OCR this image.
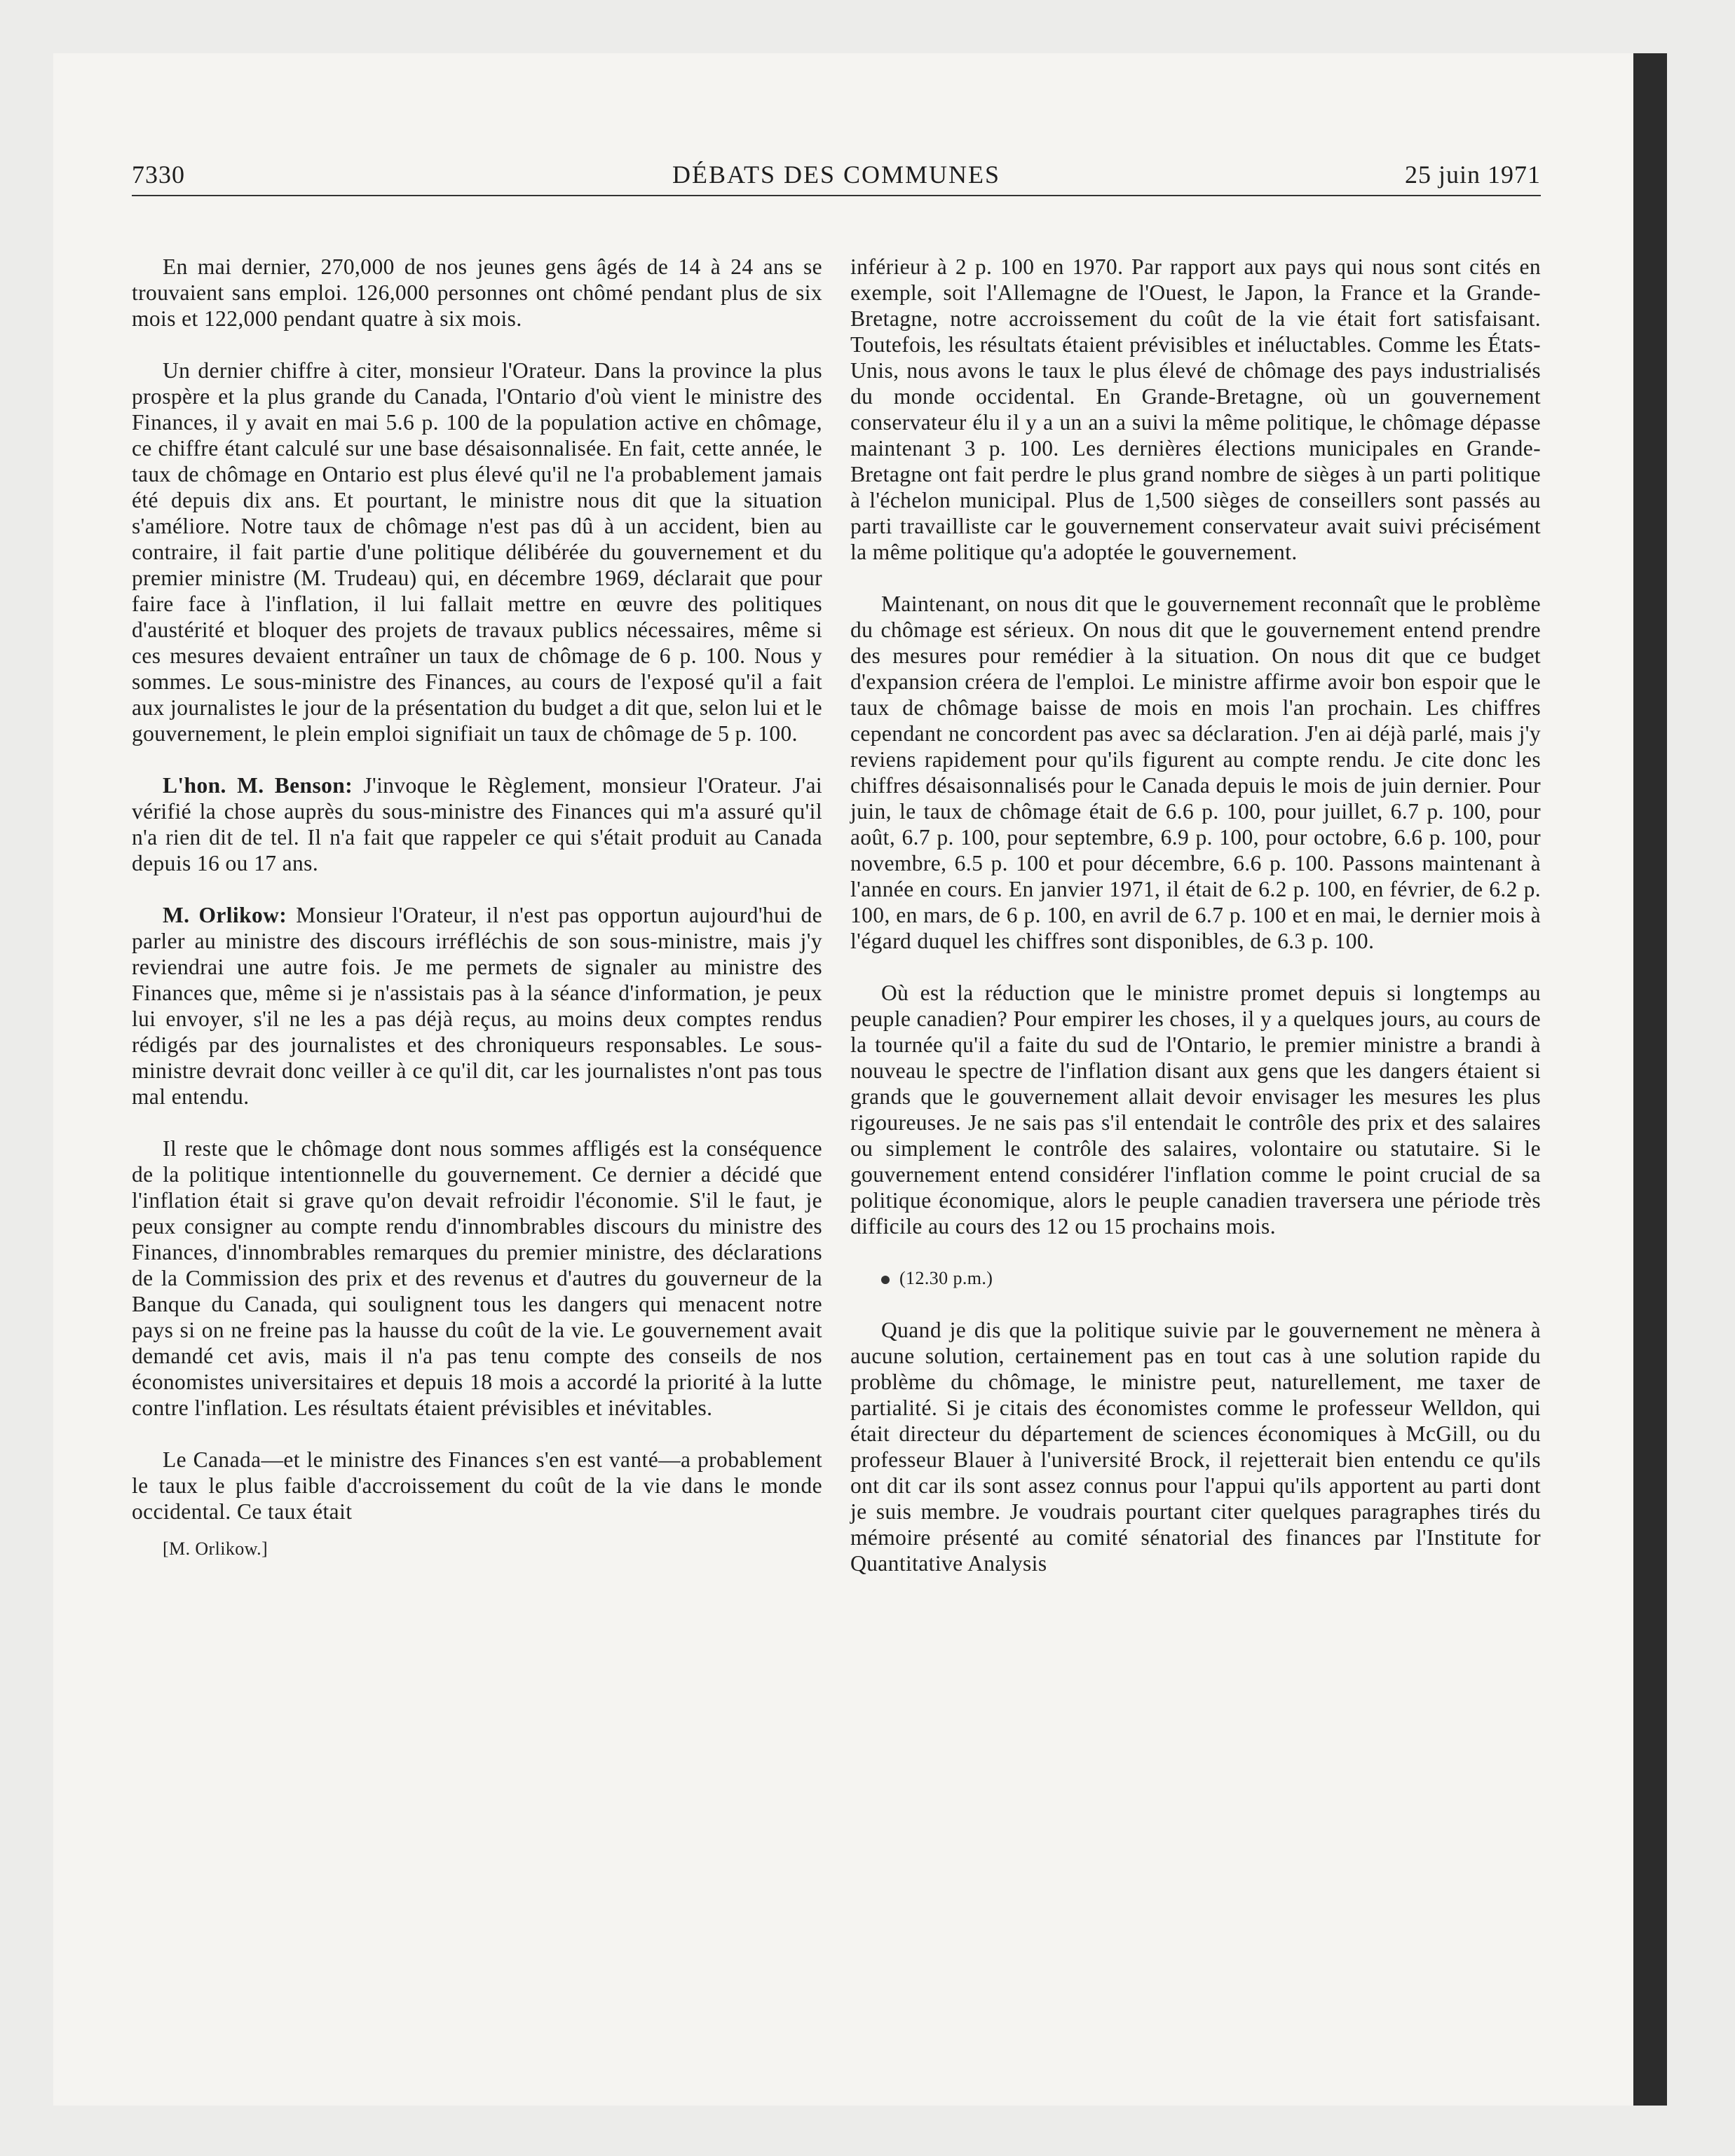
7330	DÉBATS DES COMMUNES	25 juin 1971

En mai dernier, 270,000 de nos jeunes gens âgés de 14 à 24 ans se trouvaient sans emploi. 126,000 personnes ont chômé pendant plus de six mois et 122,000 pendant quatre à six mois.

Un dernier chiffre à citer, monsieur l'Orateur. Dans la province la plus prospère et la plus grande du Canada, l'Ontario d'où vient le ministre des Finances, il y avait en mai 5.6 p. 100 de la population active en chômage, ce chiffre étant calculé sur une base désaisonnalisée. En fait, cette année, le taux de chômage en Ontario est plus élevé qu'il ne l'a probablement jamais été depuis dix ans. Et pourtant, le ministre nous dit que la situation s'améliore. Notre taux de chômage n'est pas dû à un accident, bien au contraire, il fait partie d'une politique délibérée du gouvernement et du premier ministre (M. Trudeau) qui, en décembre 1969, déclarait que pour faire face à l'inflation, il lui fallait mettre en œuvre des politiques d'austérité et bloquer des projets de travaux publics nécessaires, même si ces mesures devaient entraîner un taux de chômage de 6 p. 100. Nous y sommes. Le sous-ministre des Finances, au cours de l'exposé qu'il a fait aux journalistes le jour de la présentation du budget a dit que, selon lui et le gouvernement, le plein emploi signifiait un taux de chômage de 5 p. 100.

L'hon. M. Benson: J'invoque le Règlement, monsieur l'Orateur. J'ai vérifié la chose auprès du sous-ministre des Finances qui m'a assuré qu'il n'a rien dit de tel. Il n'a fait que rappeler ce qui s'était produit au Canada depuis 16 ou 17 ans.

M. Orlikow: Monsieur l'Orateur, il n'est pas opportun aujourd'hui de parler au ministre des discours irréfléchis de son sous-ministre, mais j'y reviendrai une autre fois. Je me permets de signaler au ministre des Finances que, même si je n'assistais pas à la séance d'information, je peux lui envoyer, s'il ne les a pas déjà reçus, au moins deux comptes rendus rédigés par des journalistes et des chroniqueurs responsables. Le sous-ministre devrait donc veiller à ce qu'il dit, car les journalistes n'ont pas tous mal entendu.

Il reste que le chômage dont nous sommes affligés est la conséquence de la politique intentionnelle du gouvernement. Ce dernier a décidé que l'inflation était si grave qu'on devait refroidir l'économie. S'il le faut, je peux consigner au compte rendu d'innombrables discours du ministre des Finances, d'innombrables remarques du premier ministre, des déclarations de la Commission des prix et des revenus et d'autres du gouverneur de la Banque du Canada, qui soulignent tous les dangers qui menacent notre pays si on ne freine pas la hausse du coût de la vie. Le gouvernement avait demandé cet avis, mais il n'a pas tenu compte des conseils de nos économistes universitaires et depuis 18 mois a accordé la priorité à la lutte contre l'inflation. Les résultats étaient prévisibles et inévitables.

Le Canada—et le ministre des Finances s'en est vanté—a probablement le taux le plus faible d'accroissement du coût de la vie dans le monde occidental. Ce taux était

[M. Orlikow.]

inférieur à 2 p. 100 en 1970. Par rapport aux pays qui nous sont cités en exemple, soit l'Allemagne de l'Ouest, le Japon, la France et la Grande-Bretagne, notre accroissement du coût de la vie était fort satisfaisant. Toutefois, les résultats étaient prévisibles et inéluctables. Comme les États-Unis, nous avons le taux le plus élevé de chômage des pays industrialisés du monde occidental. En Grande-Bretagne, où un gouvernement conservateur élu il y a un an a suivi la même politique, le chômage dépasse maintenant 3 p. 100. Les dernières élections municipales en Grande-Bretagne ont fait perdre le plus grand nombre de sièges à un parti politique à l'échelon municipal. Plus de 1,500 sièges de conseillers sont passés au parti travailliste car le gouvernement conservateur avait suivi précisément la même politique qu'a adoptée le gouvernement.

Maintenant, on nous dit que le gouvernement reconnaît que le problème du chômage est sérieux. On nous dit que le gouvernement entend prendre des mesures pour remédier à la situation. On nous dit que ce budget d'expansion créera de l'emploi. Le ministre affirme avoir bon espoir que le taux de chômage baisse de mois en mois l'an prochain. Les chiffres cependant ne concordent pas avec sa déclaration. J'en ai déjà parlé, mais j'y reviens rapidement pour qu'ils figurent au compte rendu. Je cite donc les chiffres désaisonnalisés pour le Canada depuis le mois de juin dernier. Pour juin, le taux de chômage était de 6.6 p. 100, pour juillet, 6.7 p. 100, pour août, 6.7 p. 100, pour septembre, 6.9 p. 100, pour octobre, 6.6 p. 100, pour novembre, 6.5 p. 100 et pour décembre, 6.6 p. 100. Passons maintenant à l'année en cours. En janvier 1971, il était de 6.2 p. 100, en février, de 6.2 p. 100, en mars, de 6 p. 100, en avril de 6.7 p. 100 et en mai, le dernier mois à l'égard duquel les chiffres sont disponibles, de 6.3 p. 100.

Où est la réduction que le ministre promet depuis si longtemps au peuple canadien? Pour empirer les choses, il y a quelques jours, au cours de la tournée qu'il a faite du sud de l'Ontario, le premier ministre a brandi à nouveau le spectre de l'inflation disant aux gens que les dangers étaient si grands que le gouvernement allait devoir envisager les mesures les plus rigoureuses. Je ne sais pas s'il entendait le contrôle des prix et des salaires ou simplement le contrôle des salaires, volontaire ou statutaire. Si le gouvernement entend considérer l'inflation comme le point crucial de sa politique économique, alors le peuple canadien traversera une période très difficile au cours des 12 ou 15 prochains mois.

(12.30 p.m.)

Quand je dis que la politique suivie par le gouvernement ne mènera à aucune solution, certainement pas en tout cas à une solution rapide du problème du chômage, le ministre peut, naturellement, me taxer de partialité. Si je citais des économistes comme le professeur Welldon, qui était directeur du département de sciences économiques à McGill, ou du professeur Blauer à l'université Brock, il rejetterait bien entendu ce qu'ils ont dit car ils sont assez connus pour l'appui qu'ils apportent au parti dont je suis membre. Je voudrais pourtant citer quelques paragraphes tirés du mémoire présenté au comité sénatorial des finances par l'Institute for Quantitative Analysis
